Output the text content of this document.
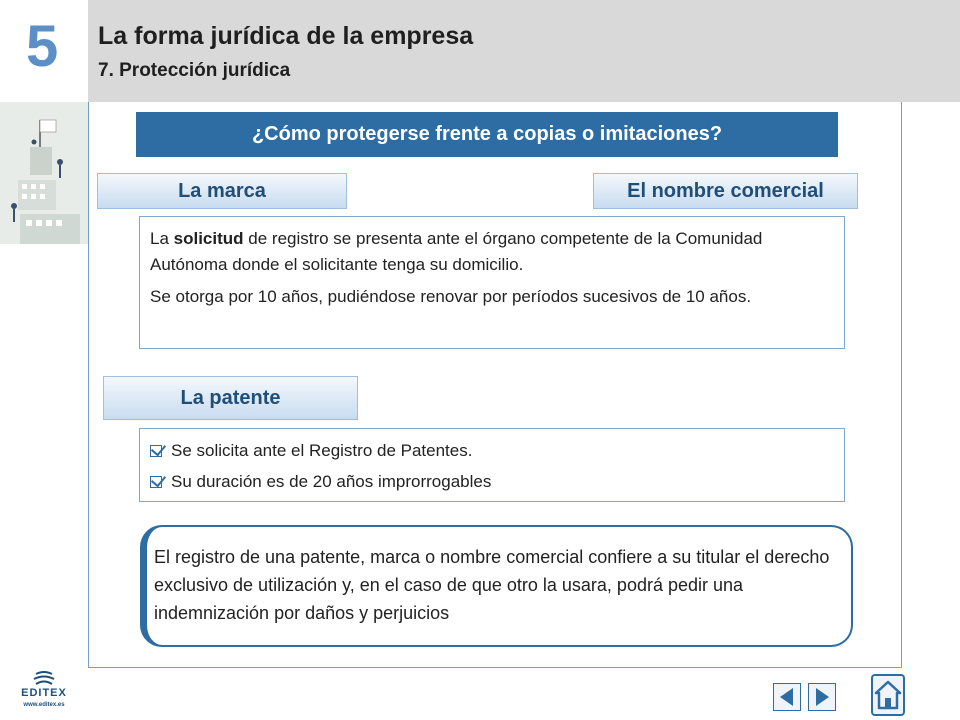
5 La forma jurídica de la empresa
7. Protección jurídica
¿Cómo protegerse frente a copias o imitaciones?
La marca	El nombre comercial

La solicitud de registro se presenta ante el órgano competente de la Comunidad Autónoma donde el solicitante tenga su domicilio.

Se otorga por 10 años, pudiéndose renovar por períodos sucesivos de 10 años.

La patente
Se solicita ante el Registro de Patentes.
Su duración es de 20 años improrrogables
El registro de una patente, marca o nombre comercial confiere a su titular el derecho exclusivo de utilización y, en el caso de que otro la usara, podrá pedir una indemnización por daños y perjuicios
EDITEX
www.editex.es
